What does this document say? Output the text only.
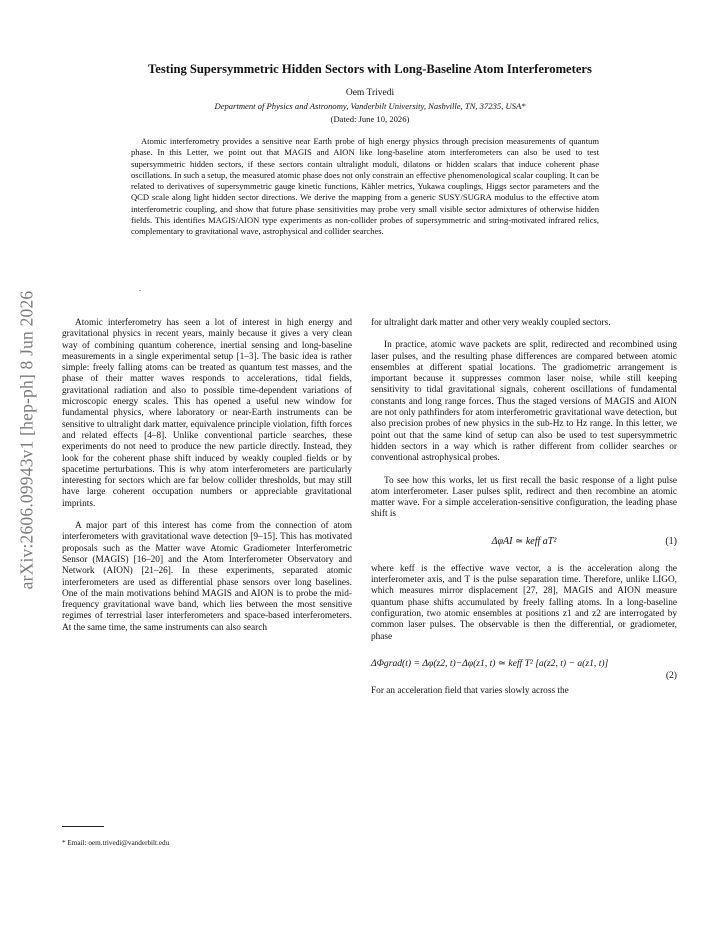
arXiv:2606.09943v1 [hep-ph] 8 Jun 2026
Testing Supersymmetric Hidden Sectors with Long-Baseline Atom Interferometers
Oem Trivedi
Department of Physics and Astronomy, Vanderbilt University, Nashville, TN, 37235, USA*
(Dated: June 10, 2026)

Atomic interferometry provides a sensitive near Earth probe of high energy physics through precision measurements of quantum phase. In this Letter, we point out that MAGIS and AION like long-baseline atom interferometers can also be used to test supersymmetric hidden sectors, if these sectors contain ultralight moduli, dilatons or hidden scalars that induce coherent phase oscillations. In such a setup, the measured atomic phase does not only constrain an effective phenomenological scalar coupling. It can be related to derivatives of supersymmetric gauge kinetic functions, Kähler metrics, Yukawa couplings, Higgs sector parameters and the QCD scale along light hidden sector directions. We derive the mapping from a generic SUSY/SUGRA modulus to the effective atom interferometric coupling, and show that future phase sensitivities may probe very small visible sector admixtures of otherwise hidden fields. This identifies MAGIS/AION type experiments as non-collider probes of supersymmetric and string-motivated infrared relics, complementary to gravitational wave, astrophysical and collider searches.

.

Atomic interferometry has seen a lot of interest in high energy and gravitational physics in recent years, mainly because it gives a very clean way of combining quantum coherence, inertial sensing and long-baseline measurements in a single experimental setup [1–3]. The basic idea is rather simple: freely falling atoms can be treated as quantum test masses, and the phase of their matter waves responds to accelerations, tidal fields, gravitational radiation and also to possible time-dependent variations of microscopic energy scales. This has opened a useful new window for fundamental physics, where laboratory or near-Earth instruments can be sensitive to ultralight dark matter, equivalence principle violation, fifth forces and related effects [4–8]. Unlike conventional particle searches, these experiments do not need to produce the new particle directly. Instead, they look for the coherent phase shift induced by weakly coupled fields or by spacetime perturbations. This is why atom interferometers are particularly interesting for sectors which are far below collider thresholds, but may still have large coherent occupation numbers or appreciable gravitational imprints.

A major part of this interest has come from the connection of atom interferometers with gravitational wave detection [9–15]. This has motivated proposals such as the Matter wave Atomic Gradiometer Interferometric Sensor (MAGIS) [16–20] and the Atom Interferometer Observatory and Network (AION) [21–26]. In these experiments, separated atomic interferometers are used as differential phase sensors over long baselines. One of the main motivations behind MAGIS and AION is to probe the mid-frequency gravitational wave band, which lies between the most sensitive regimes of terrestrial laser interferometers and space-based interferometers. At the same time, the same instruments can also search

for ultralight dark matter and other very weakly coupled sectors.

In practice, atomic wave packets are split, redirected and recombined using laser pulses, and the resulting phase differences are compared between atomic ensembles at different spatial locations. The gradiometric arrangement is important because it suppresses common laser noise, while still keeping sensitivity to tidal gravitational signals, coherent oscillations of fundamental constants and long range forces. Thus the staged versions of MAGIS and AION are not only pathfinders for atom interferometric gravitational wave detection, but also precision probes of new physics in the sub-Hz to Hz range. In this letter, we point out that the same kind of setup can also be used to test supersymmetric hidden sectors in a way which is rather different from collider searches or conventional astrophysical probes.

To see how this works, let us first recall the basic response of a light pulse atom interferometer. Laser pulses split, redirect and then recombine an atomic matter wave. For a simple acceleration-sensitive configuration, the leading phase shift is

ΔφAI ≃ keff aT²	(1)

where keff is the effective wave vector, a is the acceleration along the interferometer axis, and T is the pulse separation time. Therefore, unlike LIGO, which measures mirror displacement [27, 28], MAGIS and AION measure quantum phase shifts accumulated by freely falling atoms. In a long-baseline configuration, two atomic ensembles at positions z1 and z2 are interrogated by common laser pulses. The observable is then the differential, or gradiometer, phase

ΔΦgrad(t) = Δφ(z2, t)−Δφ(z1, t) ≃ keff T² [a(z2, t) − a(z1, t)]
(2)

For an acceleration field that varies slowly across the

* Email: oem.trivedi@vanderbilt.edu
